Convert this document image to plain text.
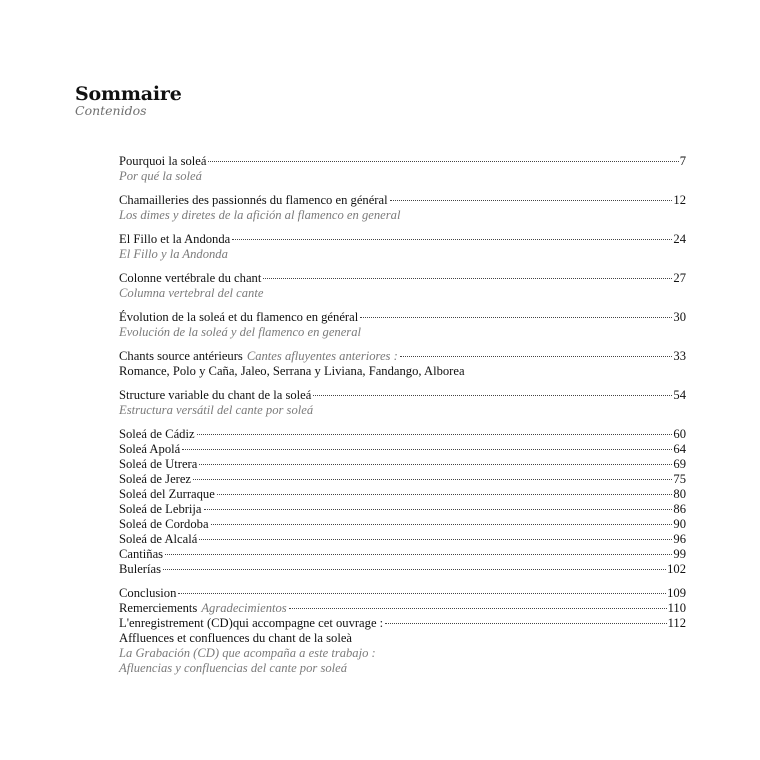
Sommaire
Contenidos
Pourquoi la soleá	7
Por qué la soleá
Chamailleries des passionnés du flamenco en général	12
Los dimes y diretes de la afición al flamenco en general
El Fillo et la Andonda	24
El Fillo y la Andonda
Colonne vertébrale du chant	27
Columna vertebral del cante
Évolution de la soleá et du flamenco en général	30
Evolución de la soleá y del flamenco en general
Chants source antérieurs Cantes afluyentes anteriores :	33
Romance, Polo y Caña, Jaleo, Serrana y Liviana, Fandango, Alborea
Structure variable du chant de la soleá	54
Estructura versátil del cante por soleá
Soleá de Cádiz	60
Soleá Apolá	64
Soleá de Utrera	69
Soleá de Jerez	75
Soleá del Zurraque	80
Soleá de Lebrija	86
Soleá de Cordoba	90
Soleá de Alcalá	96
Cantiñas	99
Bulerías	102
Conclusion	109
Remerciements Agradecimientos	110
L'enregistrement (CD)qui accompagne cet ouvrage :	112
Affluences et confluences du chant de la soleà
La Grabación (CD) que acompaña a este trabajo :
Afluencias y confluencias del cante por soleá
